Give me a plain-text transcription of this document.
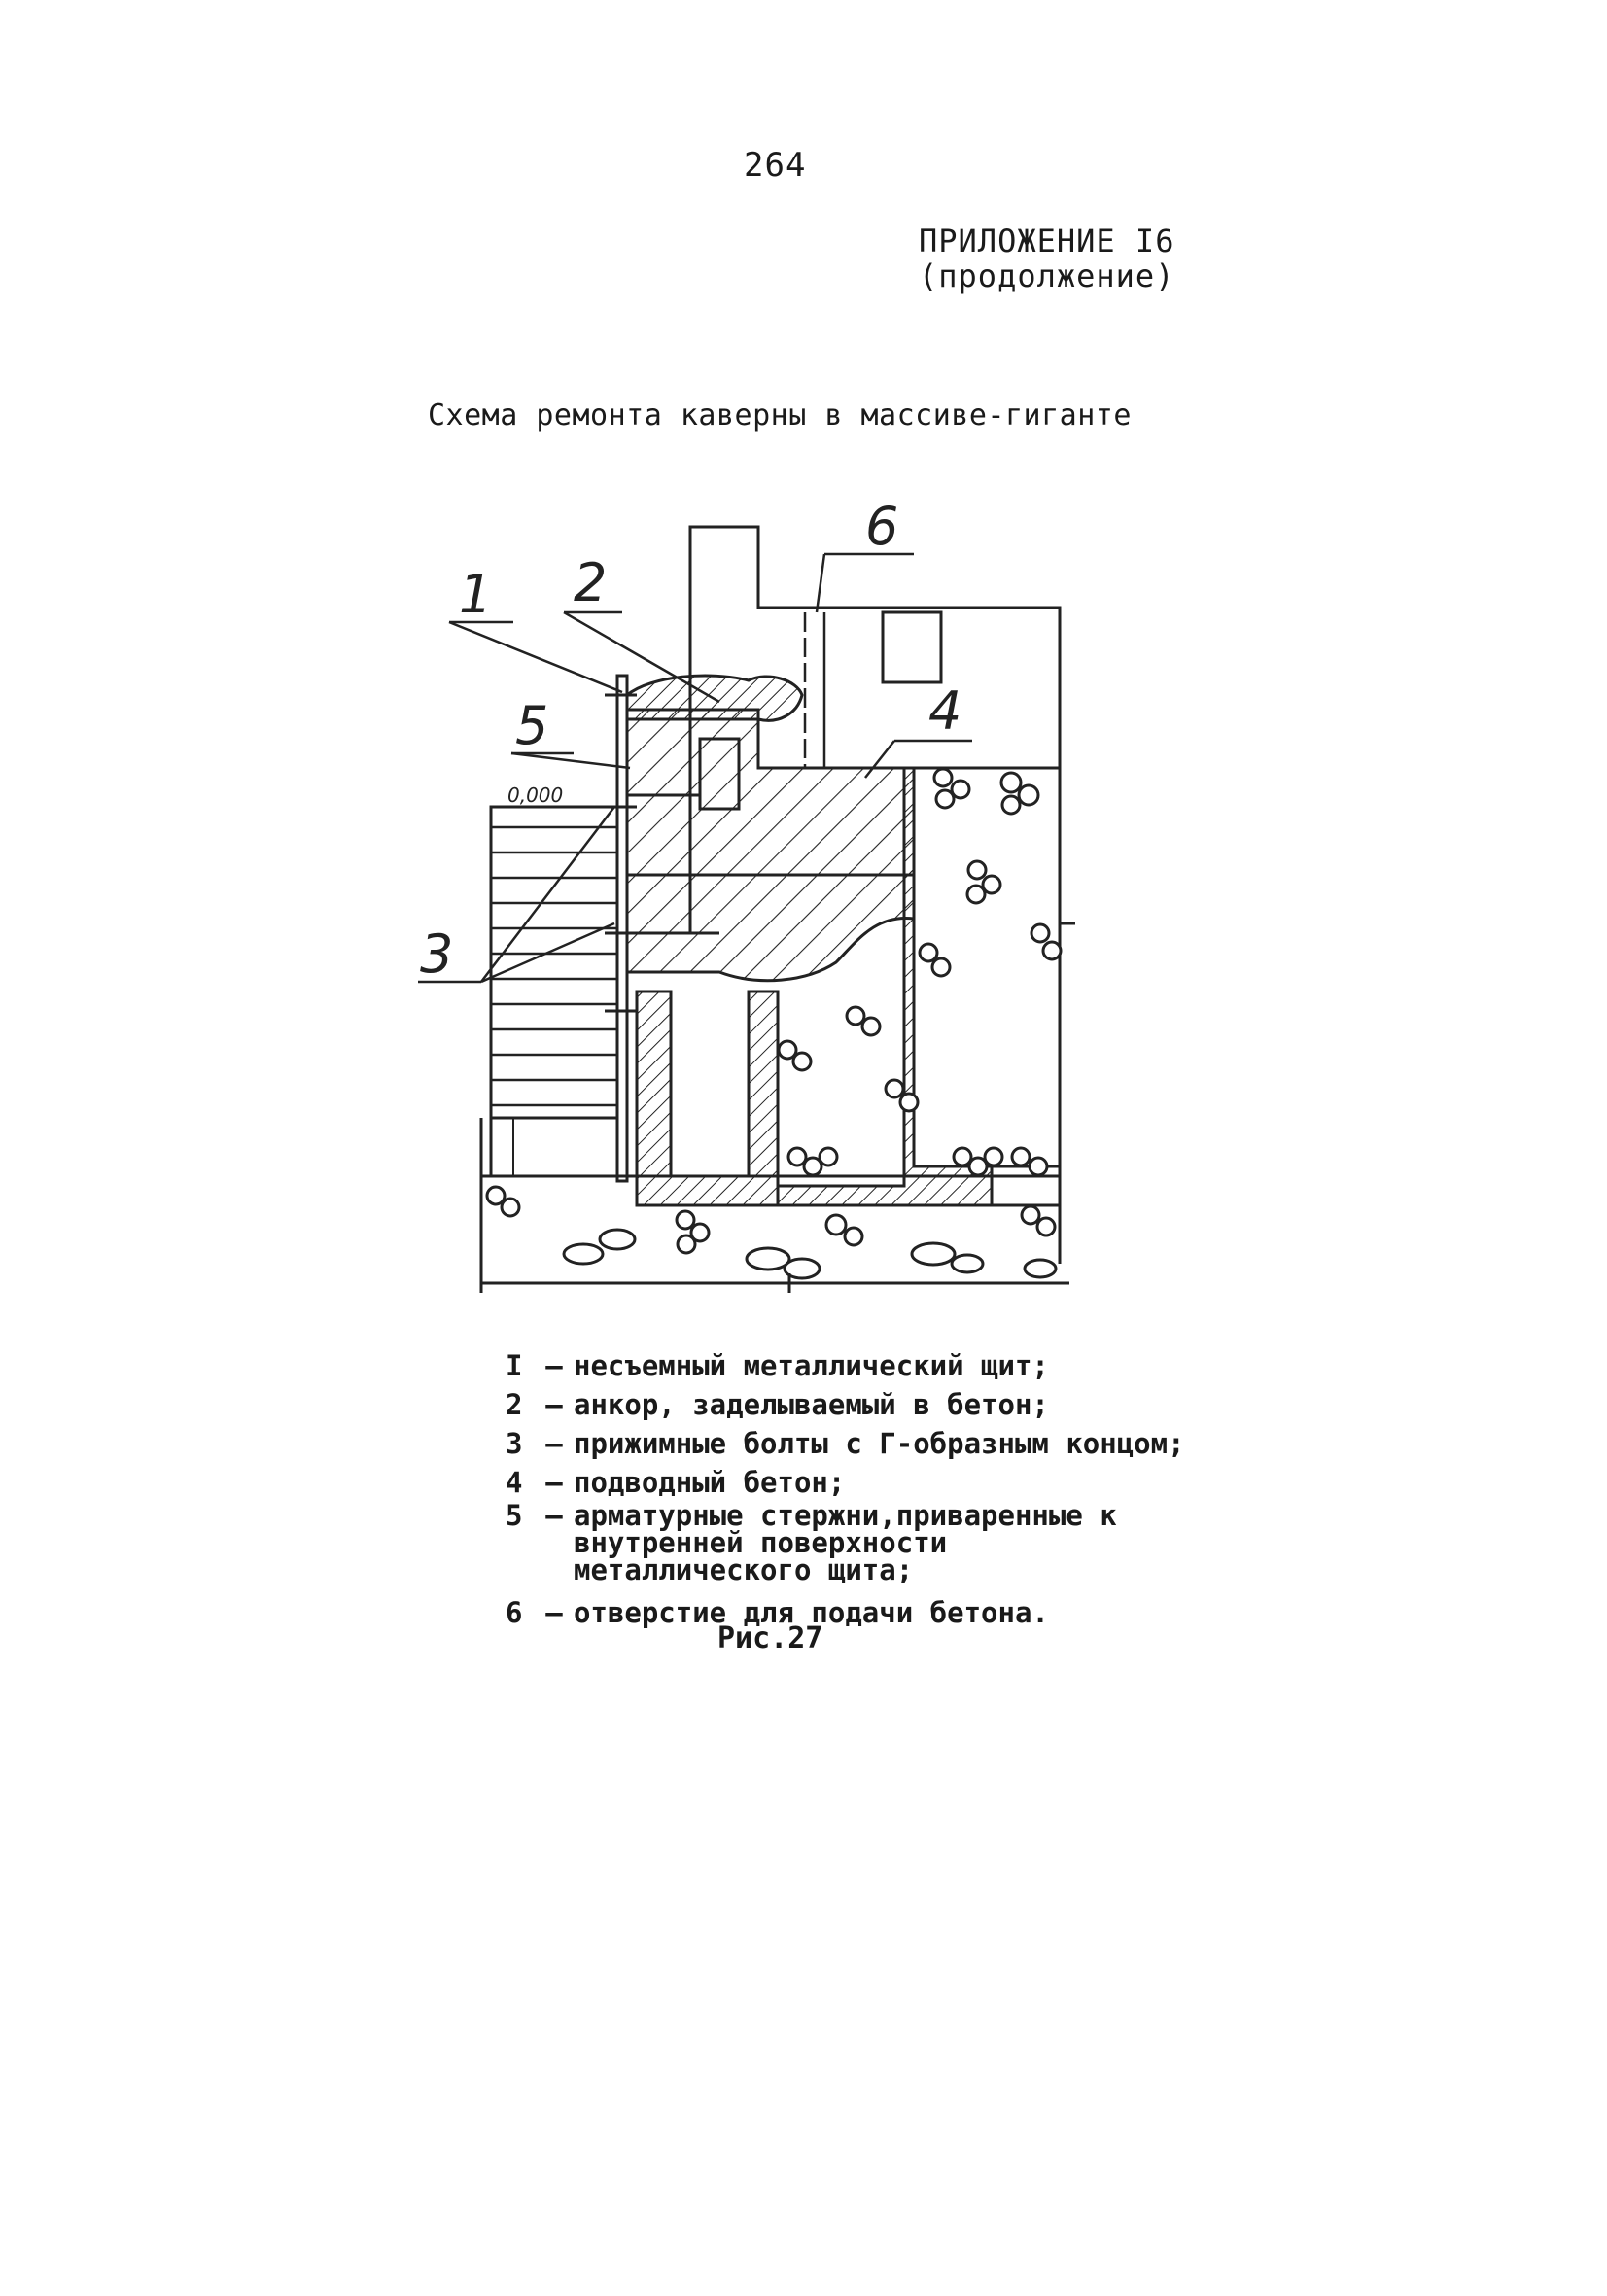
264
ПРИЛОЖЕНИЕ I6
(продолжение)
Схема ремонта каверны в массиве-гиганте
1 2
5
3
6
4
0,000
I – несъемный металлический щит;
2 – анкор, заделываемый в бетон;
3 – прижимные болты с Г-образным концом;
4 – подводный бетон;
5 – арматурные стержни,приваренные к внутренней поверхности металлического щита;
6 – отверстие для подачи бетона.
Рис.27
